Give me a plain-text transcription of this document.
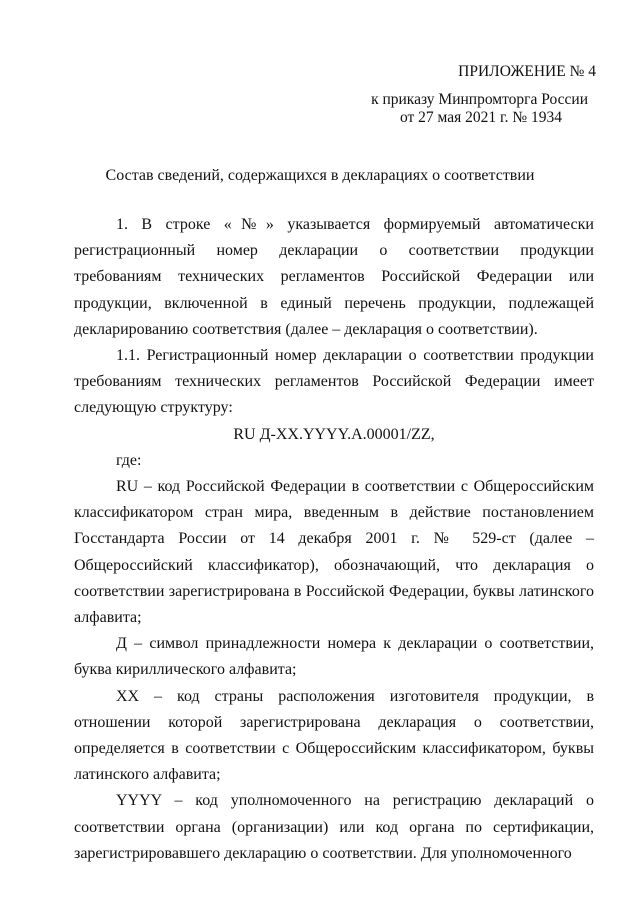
ПРИЛОЖЕНИЕ № 4
к приказу Минпромторга России
от 27 мая 2021 г. № 1934
Состав сведений, содержащихся в декларациях о соответствии

1. В строке «№» указывается формируемый автоматически регистрационный номер декларации о соответствии продукции требованиям технических регламентов Российской Федерации или продукции, включенной в единый перечень продукции, подлежащей декларированию соответствия (далее – декларация о соответствии).

1.1. Регистрационный номер декларации о соответствии продукции требованиям технических регламентов Российской Федерации имеет следующую структуру:

RU Д-XX.YYYY.A.00001/ZZ,

где:

RU – код Российской Федерации в соответствии с Общероссийским классификатором стран мира, введенным в действие постановлением Госстандарта России от 14 декабря 2001 г. № 529-ст (далее – Общероссийский классификатор), обозначающий, что декларация о соответствии зарегистрирована в Российской Федерации, буквы латинского алфавита;

Д – символ принадлежности номера к декларации о соответствии, буква кириллического алфавита;

XX – код страны расположения изготовителя продукции, в отношении которой зарегистрирована декларация о соответствии, определяется в соответствии с Общероссийским классификатором, буквы латинского алфавита;

YYYY – код уполномоченного на регистрацию деклараций о соответствии органа (организации) или код органа по сертификации, зарегистрировавшего декларацию о соответствии. Для уполномоченного
